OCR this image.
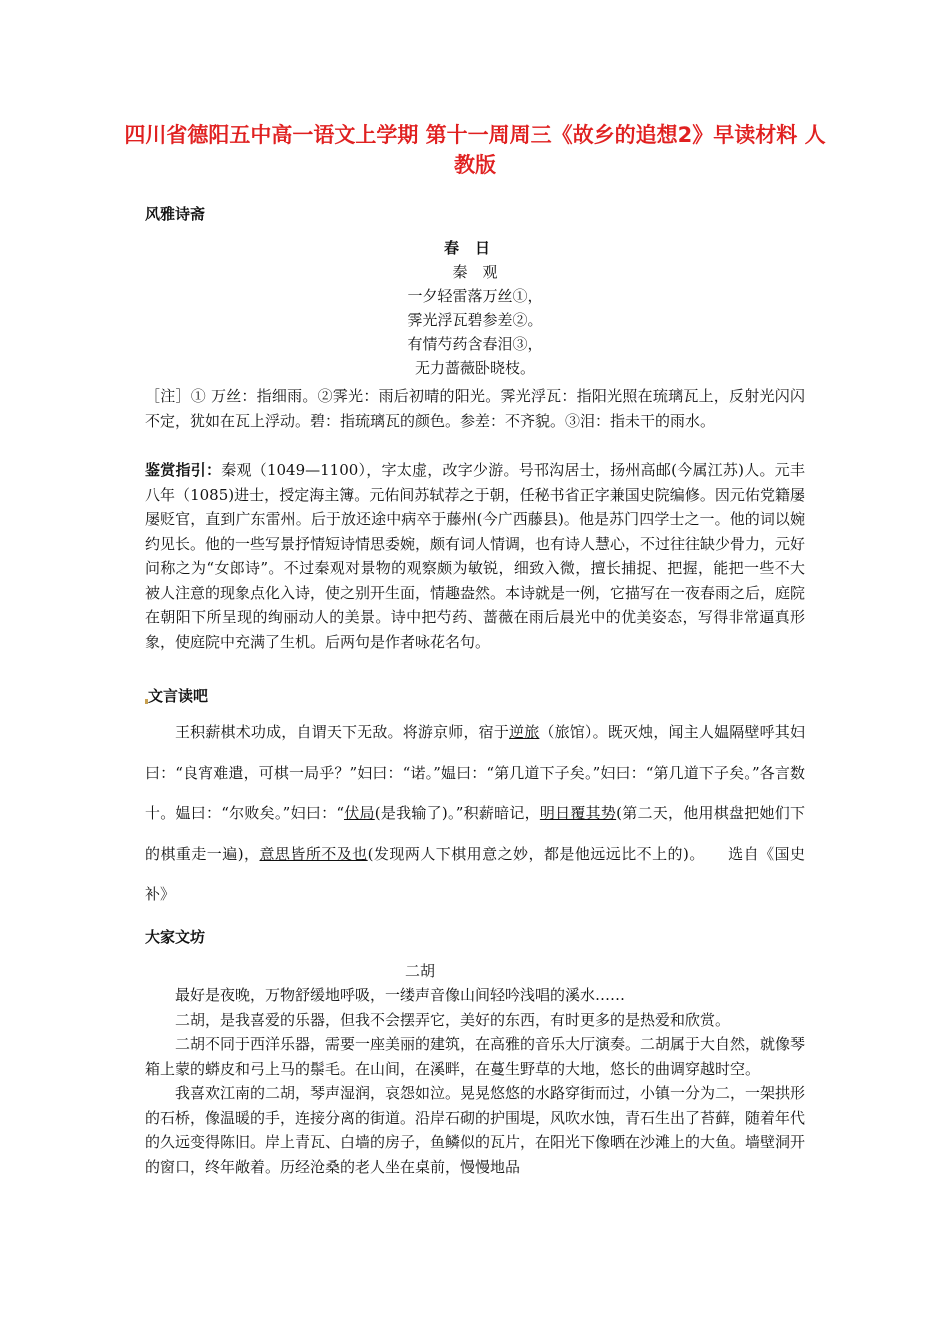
四川省德阳五中高一语文上学期 第十一周周三《故乡的追想2》早读材料 人教版
风雅诗斋
春日
秦　观
一夕轻雷落万丝①，
霁光浮瓦碧参差②。
有情芍药含春泪③，
无力蔷薇卧晓枝。
［注］① 万丝：指细雨。②霁光：雨后初晴的阳光。霁光浮瓦：指阳光照在琉璃瓦上，反射光闪闪不定，犹如在瓦上浮动。碧：指琉璃瓦的颜色。参差：不齐貌。③泪：指未干的雨水。
鉴赏指引：秦观（1049—1100），字太虚，改字少游。号邗沟居士，扬州高邮(今属江苏)人。元丰八年（1085)进士，授定海主簿。元佑间苏轼荐之于朝，任秘书省正字兼国史院编修。因元佑党籍屡屡贬官，直到广东雷州。后于放还途中病卒于藤州(今广西藤县)。他是苏门四学士之一。他的词以婉约见长。他的一些写景抒情短诗情思委婉，颇有词人情调，也有诗人慧心，不过往往缺少骨力，元好问称之为“女郎诗”。不过秦观对景物的观察颇为敏锐，细致入微，擅长捕捉、把握，能把一些不大被人注意的现象点化入诗，使之别开生面，情趣盎然。本诗就是一例，它描写在一夜春雨之后，庭院在朝阳下所呈现的绚丽动人的美景。诗中把芍药、蔷薇在雨后晨光中的优美姿态，写得非常逼真形象，使庭院中充满了生机。后两句是作者咏花名句。
文言读吧
王积薪棋术功成，自谓天下无敌。将游京师，宿于逆旅（旅馆）。既灭烛，闻主人媪隔壁呼其妇曰：“良宵难遣，可棋一局乎？”妇曰：“诺。”媪曰：“第几道下子矣。”妇曰：“第几道下子矣。”各言数十。媪曰：“尔败矣。”妇曰：“伏局(是我输了)。”积薪暗记，明日覆其势(第二天，他用棋盘把她们下的棋重走一遍)，意思皆所不及也(发现两人下棋用意之妙，都是他远远比不上的)。　　选自《国史补》
大家文坊
二胡

最好是夜晚，万物舒缓地呼吸，一缕声音像山间轻吟浅唱的溪水……

二胡，是我喜爱的乐器，但我不会摆弄它，美好的东西，有时更多的是热爱和欣赏。

二胡不同于西洋乐器，需要一座美丽的建筑，在高雅的音乐大厅演奏。二胡属于大自然，就像琴箱上蒙的蟒皮和弓上马的鬃毛。在山间，在溪畔，在蔓生野草的大地，悠长的曲调穿越时空。

我喜欢江南的二胡，琴声湿润，哀怨如泣。晃晃悠悠的水路穿街而过，小镇一分为二，一架拱形的石桥，像温暖的手，连接分离的街道。沿岸石砌的护围堤，风吹水蚀，青石生出了苔藓，随着年代的久远变得陈旧。岸上青瓦、白墙的房子，鱼鳞似的瓦片，在阳光下像晒在沙滩上的大鱼。墙壁洞开的窗口，终年敞着。历经沧桑的老人坐在桌前，慢慢地品
